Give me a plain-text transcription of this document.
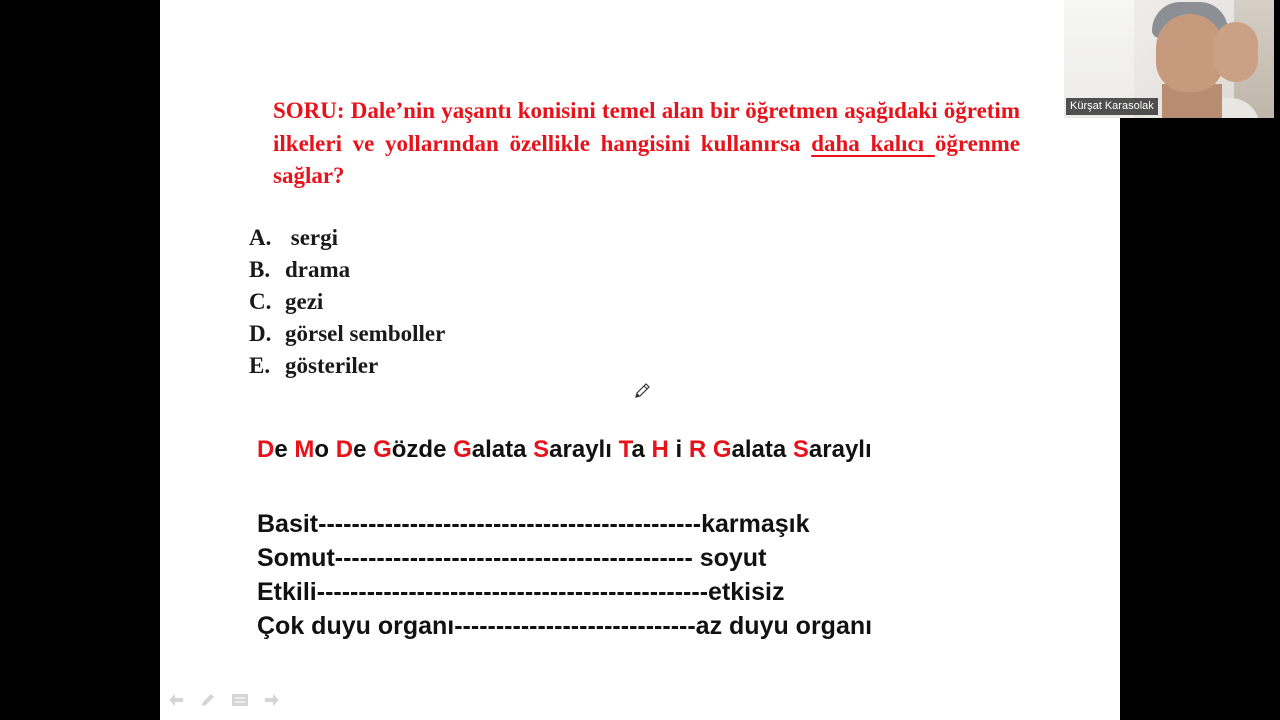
SORU: Dale’nin yaşantı konisini temel alan bir öğretmen aşağıdaki öğretim ilkeleri ve yollarından özellikle hangisini kullanırsa daha kalıcı öğrenme sağlar?
A. sergi
B. drama
C. gezi
D. görsel semboller
E. gösteriler
De Mo De Gözde Galata Saraylı Ta H i R Galata Saraylı
Basit----------------------------------------------karmaşık
Somut------------------------------------------- soyut
Etkili-----------------------------------------------etkisiz
Çok duyu organı-----------------------------az duyu organı
Kürşat Karasolak
